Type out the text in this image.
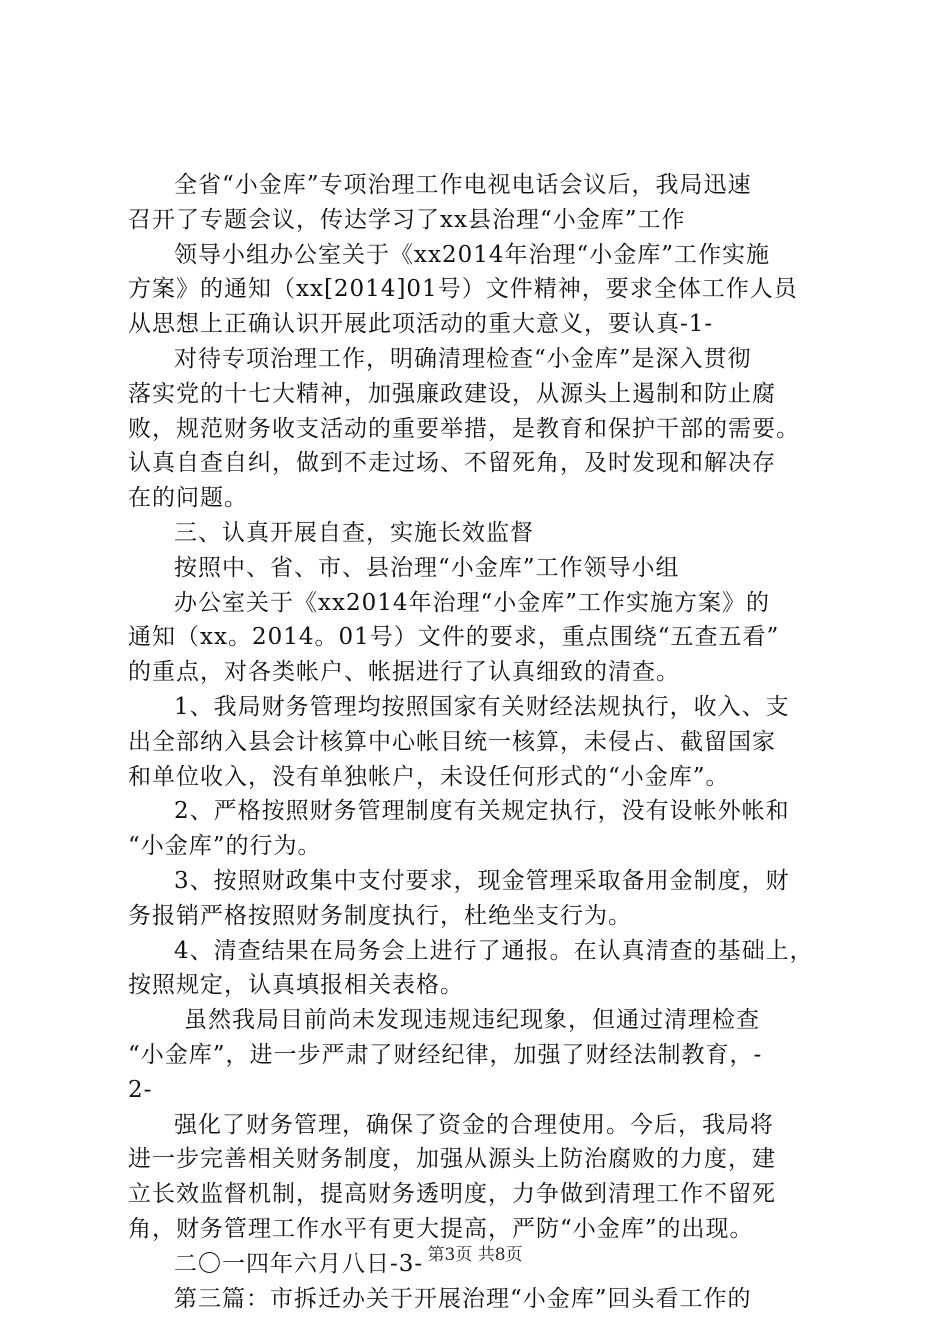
全省“小金库”专项治理工作电视电话会议后，我局迅速
召开了专题会议，传达学习了xx县治理“小金库”工作
领导小组办公室关于《xx2014年治理“小金库”工作实施
方案》的通知（xx[2014]01号）文件精神，要求全体工作人员
从思想上正确认识开展此项活动的重大意义，要认真-1-
对待专项治理工作，明确清理检查“小金库”是深入贯彻
落实党的十七大精神，加强廉政建设，从源头上遏制和防止腐
败，规范财务收支活动的重要举措，是教育和保护干部的需要。
认真自查自纠，做到不走过场、不留死角，及时发现和解决存
在的问题。
三、认真开展自查，实施长效监督
按照中、省、市、县治理“小金库”工作领导小组
办公室关于《xx2014年治理“小金库”工作实施方案》的
通知（xx。2014。01号）文件的要求，重点围绕“五查五看”
的重点，对各类帐户、帐据进行了认真细致的清查。
1、我局财务管理均按照国家有关财经法规执行，收入、支
出全部纳入县会计核算中心帐目统一核算，未侵占、截留国家
和单位收入，没有单独帐户，未设任何形式的“小金库”。
2、严格按照财务管理制度有关规定执行，没有设帐外帐和
“小金库”的行为。
3、按照财政集中支付要求，现金管理采取备用金制度，财
务报销严格按照财务制度执行，杜绝坐支行为。
4、清查结果在局务会上进行了通报。在认真清查的基础上，
按照规定，认真填报相关表格。
虽然我局目前尚未发现违规违纪现象，但通过清理检查
“小金库”，进一步严肃了财经纪律，加强了财经法制教育，-
2-
强化了财务管理，确保了资金的合理使用。今后，我局将
进一步完善相关财务制度，加强从源头上防治腐败的力度，建
立长效监督机制，提高财务透明度，力争做到清理工作不留死
角，财务管理工作水平有更大提高，严防“小金库”的出现。
二〇一四年六月八日-3-
第三篇：市拆迁办关于开展治理“小金库”回头看工作的
第3页 共8页
